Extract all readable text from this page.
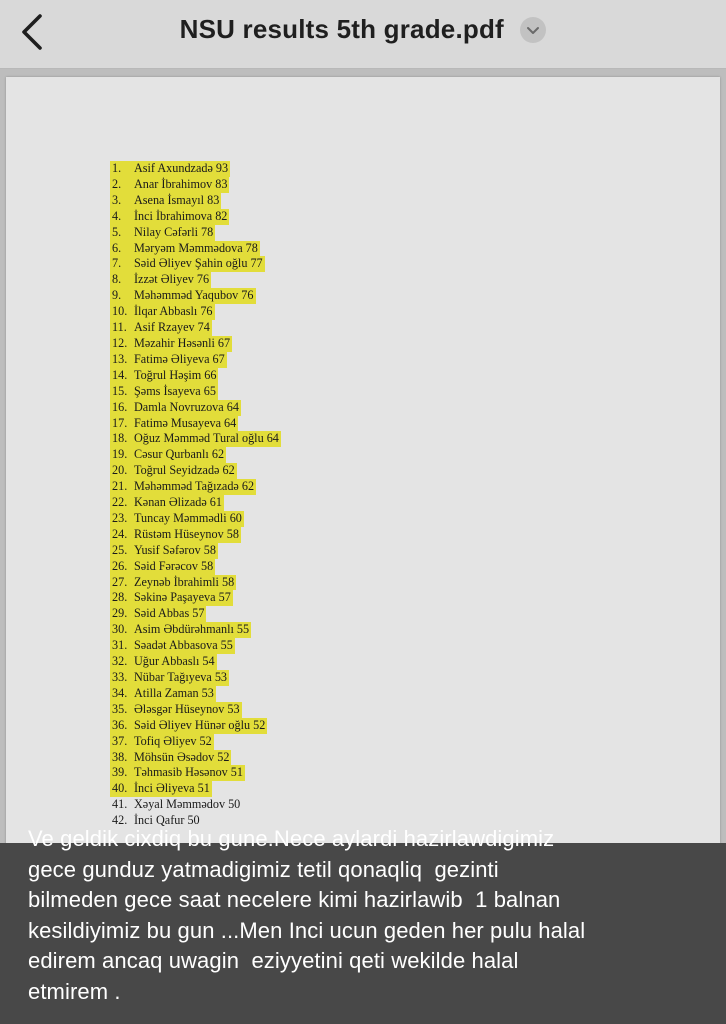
NSU results 5th grade.pdf
1. Asif Axundzadə 93
2. Anar İbrahimov 83
3. Asena İsmayıl 83
4. İnci İbrahimova 82
5. Nilay Cəfərli 78
6. Məryəm Məmmədova 78
7. Səid Əliyev Şahin oğlu 77
8. İzzət Əliyev 76
9. Məhəmməd Yaqubov 76
10. İlqar Abbaslı 76
11. Asif Rzayev 74
12. Məzahir Həsənli 67
13. Fatimə Əliyeva 67
14. Toğrul Həşim 66
15. Şəms İsayeva 65
16. Damla Novruzova 64
17. Fatimə Musayeva 64
18. Oğuz Məmməd Tural oğlu 64
19. Cəsur Qurbanlı 62
20. Toğrul Seyidzadə 62
21. Məhəmməd Tağızadə 62
22. Kənan Əlizadə 61
23. Tuncay Məmmədli 60
24. Rüstəm Hüseynov 58
25. Yusif Səfərov 58
26. Səid Fərəcov 58
27. Zeynəb İbrahimli 58
28. Səkinə Paşayeva 57
29. Səid Abbas 57
30. Asim Əbdürəhmanlı 55
31. Səadət Abbasova 55
32. Uğur Abbaslı 54
33. Nübar Tağıyeva 53
34. Atilla Zaman 53
35. Ələsgər Hüseynov 53
36. Səid Əliyev Hünər oğlu 52
37. Tofiq Əliyev 52
38. Möhsün Əsədov 52
39. Təhmasib Həsənov 51
40. İnci Əliyeva 51
41. Xəyal Məmmədov 50
42. İnci Qafur 50
Ve geldik cixdiq bu gune.Nece aylardi hazirlawdigimiz
gece gunduz yatmadigimiz tetil qonaqliq  gezinti
bilmeden gece saat necelere kimi hazirlawib  1 balnan
kesildiyimiz bu gun ...Men Inci ucun geden her pulu halal
edirem ancaq uwagin  eziyyetini qeti wekilde halal
etmirem .
